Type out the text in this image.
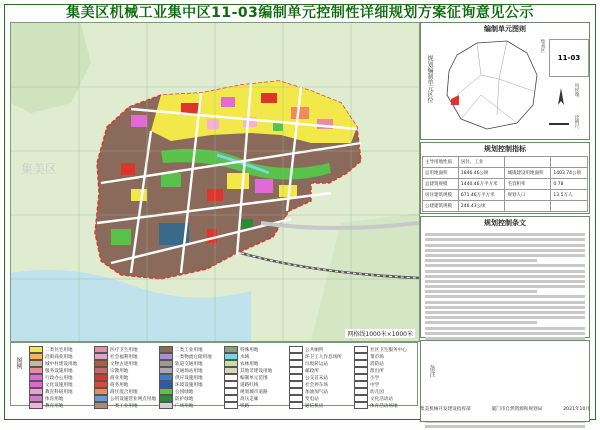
集美区机械工业集中区11-03编制单元控制性详细规划方案征询意见公示
集美区
网格线1000米×1000米
编制单元图则
规划编制单元区位	11-03
集美区
风玫瑰
比例尺
规划控制指标
主导用地性质	居住、工业		
总用地面积	1846.46公顷	城镇建设用地面积	1403.74公顷
总建筑规模	1440.46万平方米	毛容积率	0.78
居住建筑规模	671.46万平方米	规划人口	13.5万人
公建建筑规模	246.43公顷		
规划控制条文
备注
图例
二类住宅用地	医疗卫生用地	二类工业用地	特殊用地	公共厕所	社区卫生服务中心
沿街商业用地	社会福利用地	一类物流仓储用地	水域	环卫工人作息场所	菜市场
城中村建设用地	文物古迹用地	轨道交通用地	农林用地	垃圾转运站	消防站
服务设施用地	宗教用地	交通场站用地	其他非建设用地	邮政所	派出所
行政办公用地	商业用地	供应设施用地	编制单元范围	公交首末站	小学
文化设施用地	商务用地	环境设施用地	道路红线	社会停车场	中学
教育科研用地	商住混合用地	公园绿地	规划城市道路	加油加气站	幼儿园
体育用地	公用设施营业网点用地	防护绿地	高压走廊	变电站	文化活动站
教育用地	一类工业用地	广场用地	铁路	通信机房	体育活动场地
集美机械开发建设指挥部	厦门市自然资源和规划局	2021年10月
